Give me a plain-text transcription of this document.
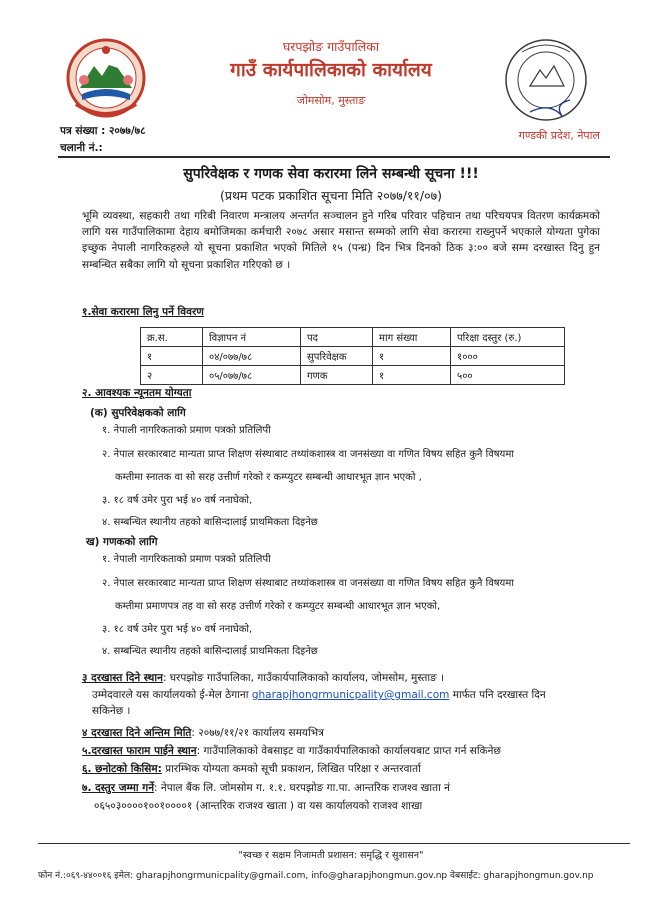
घरपझोङ गाउँपालिका
गाउँ कार्यपालिकाको कार्यालय
जोमसोम, मुस्ताङ
पत्र संख्या : २०७७/७८
चलानी नं.:
गण्डकी प्रदेश, नेपाल
सुपरिवेक्षक र गणक सेवा करारमा लिने सम्बन्धी सूचना !!!
(प्रथम पटक प्रकाशित सूचना मिति २०७७/११/०७)
भूमि व्यवस्था, सहकारी तथा गरिबी निवारण मन्त्रालय अन्तर्गत सञ्चालन हुने गरिब परिवार पहिचान तथा परिचयपत्र वितरण कार्यक्रमको लागि यस गाउँपालिकामा देहाय बमोजिमका कर्मचारी २०७८ असार मसान्त सम्मको लागि सेवा करारमा राख्नुपर्ने भएकाले योग्यता पुगेका इच्छुक नेपाली नागरिकहरुले यो सूचना प्रकाशित भएको मितिले १५ (पन्ध्र) दिन भित्र दिनको ठिक ३:०० बजे सम्म दरखास्त दिनु हुन सम्बन्धित सबैका लागि यो सूचना प्रकाशित गरिएको छ ।
१.सेवा करारमा लिनु पर्ने विवरण
क्र.स.	विज्ञापन नं	पद	माग संख्या	परिक्षा दस्तुर (रु.)
१	०४/०७७/७८	सुपरिवेक्षक	१	१०००
२	०५/०७७/७८	गणक	१	५००
२. आवश्यक न्यूनतम योग्यता
(क) सुपरिवेक्षकको लागि
१. नेपाली नागरिकताको प्रमाण पत्रको प्रतिलिपी
२. नेपाल सरकारबाट मान्यता प्राप्त शिक्षण संस्थाबाट तथ्यांकशास्त्र वा जनसंख्या वा गणित विषय सहित कुनै विषयमा
कम्तीमा स्नातक वा सो सरह उत्तीर्ण गरेको र कम्प्युटर सम्बन्धी आधारभूत ज्ञान भएको ,
३. १८ वर्ष उमेर पुरा भई ४० वर्ष ननाघेको,
४. सम्बन्धित स्थानीय तहको बासिन्दालाई प्राथमिकता दिइनेछ
ख) गणकको लागि
१. नेपाली नागरिकताको प्रमाण पत्रको प्रतिलिपी
२. नेपाल सरकारबाट मान्यता प्राप्त शिक्षण संस्थाबाट तथ्यांकशास्त्र वा जनसंख्या वा गणित विषय सहित कुनै विषयमा
कम्तीमा प्रमाणपत्र तह वा सो सरह उत्तीर्ण गरेको र कम्प्युटर सम्बन्धी आधारभूत ज्ञान भएको,
३. १८ वर्ष उमेर पुरा भई ४० वर्ष ननाघेको,
४. सम्बन्धित स्थानीय तहको बासिन्दालाई प्राथमिकता दिइनेछ
३ दरखास्त दिने स्थान: घरपझोङ गाउँपालिका, गाउँकार्यपालिकाको कार्यालय, जोमसोम, मुस्ताङ ।
उम्मेदवारले यस कार्यालयको ई-मेल ठेगाना gharapjhongrmunicpality@gmail.com मार्फत पनि दरखास्त दिन
सकिनेछ ।
४ दरखास्त दिने अन्तिम मिति: २०७७/११/२१ कार्यालय समयभित्र
५.दरखास्त फाराम पाईने स्थान: गाउँपालिकाको वेबसाइट वा गाउँकार्यपालिकाको कार्यालयबाट प्राप्त गर्न सकिनेछ
६. छनोटको किसिम: प्रारम्भिक योग्यता कमको सूची प्रकाशन, लिखित परिक्षा र अन्तरवार्ता
७. दस्तुर जम्मा गर्ने: नेपाल बैंक लि. जोमसोम ग. १.१. घरपझोङ गा.पा. आन्तरिक राजश्व खाता नं
०६५०३००००१००१००००१ (आन्तरिक राजश्व खाता ) वा यस कार्यालयको राजश्व शाखा
"स्वच्छ र सक्षम निजामती प्रशासन: समृद्धि र सुशासन"
फोन नं.:०६९-४४००१६ इमेल: gharapjhongrmunicpality@gmail.com, info@gharapjhongmun.gov.np वेबसाईट: gharapjhongmun.gov.np
